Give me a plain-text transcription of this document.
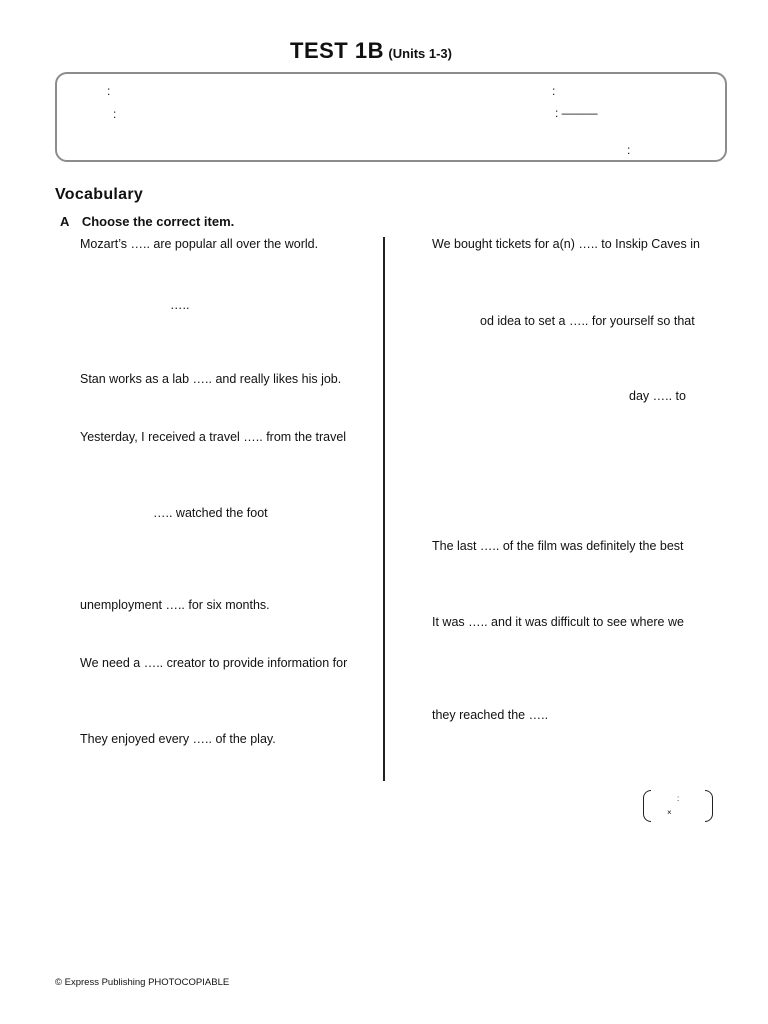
TEST 1B (Units 1-3)
:
:
:
: ———
:
Vocabulary
A Choose the correct item.
Mozart’s ….. are popular all over the world.
…..
Stan works as a lab ….. and really likes his job.
Yesterday, I received a travel ….. from the travel
….. watched the foot
unemployment ….. for six months.
We need a ….. creator to provide information for
They enjoyed every ….. of the play.
We bought tickets for a(n) ….. to Inskip Caves in
od idea to set a ….. for yourself so that
day ….. to
The last ….. of the film was definitely the best
It was ….. and it was difficult to see where we
they reached the …..
:
×
© Express Publishing PHOTOCOPIABLE
